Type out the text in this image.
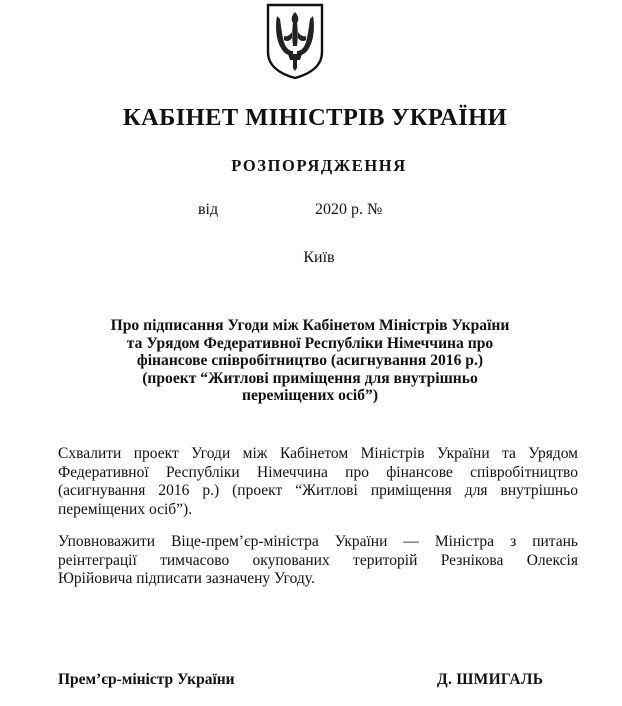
КАБІНЕТ МІНІСТРІВ УКРАЇНИ
РОЗПОРЯДЖЕННЯ
від	2020 р. №
Київ
Про підписання Угоди між Кабінетом Міністрів України
та Урядом Федеративної Республіки Німеччина про
фінансове співробітництво (асигнування 2016 р.)
(проект “Житлові приміщення для внутрішньо
переміщених осіб”)
Схвалити проект Угоди між Кабінетом Міністрів України та Урядом
Федеративної Республіки Німеччина про фінансове співробітництво
(асигнування 2016 р.) (проект “Житлові приміщення для внутрішньо
переміщених осіб”).
Уповноважити Віце-прем’єр-міністра України — Міністра з питань
реінтеграції тимчасово окупованих територій Резнікова Олексія
Юрійовича підписати зазначену Угоду.
Прем’єр-міністр України	Д. ШМИГАЛЬ
